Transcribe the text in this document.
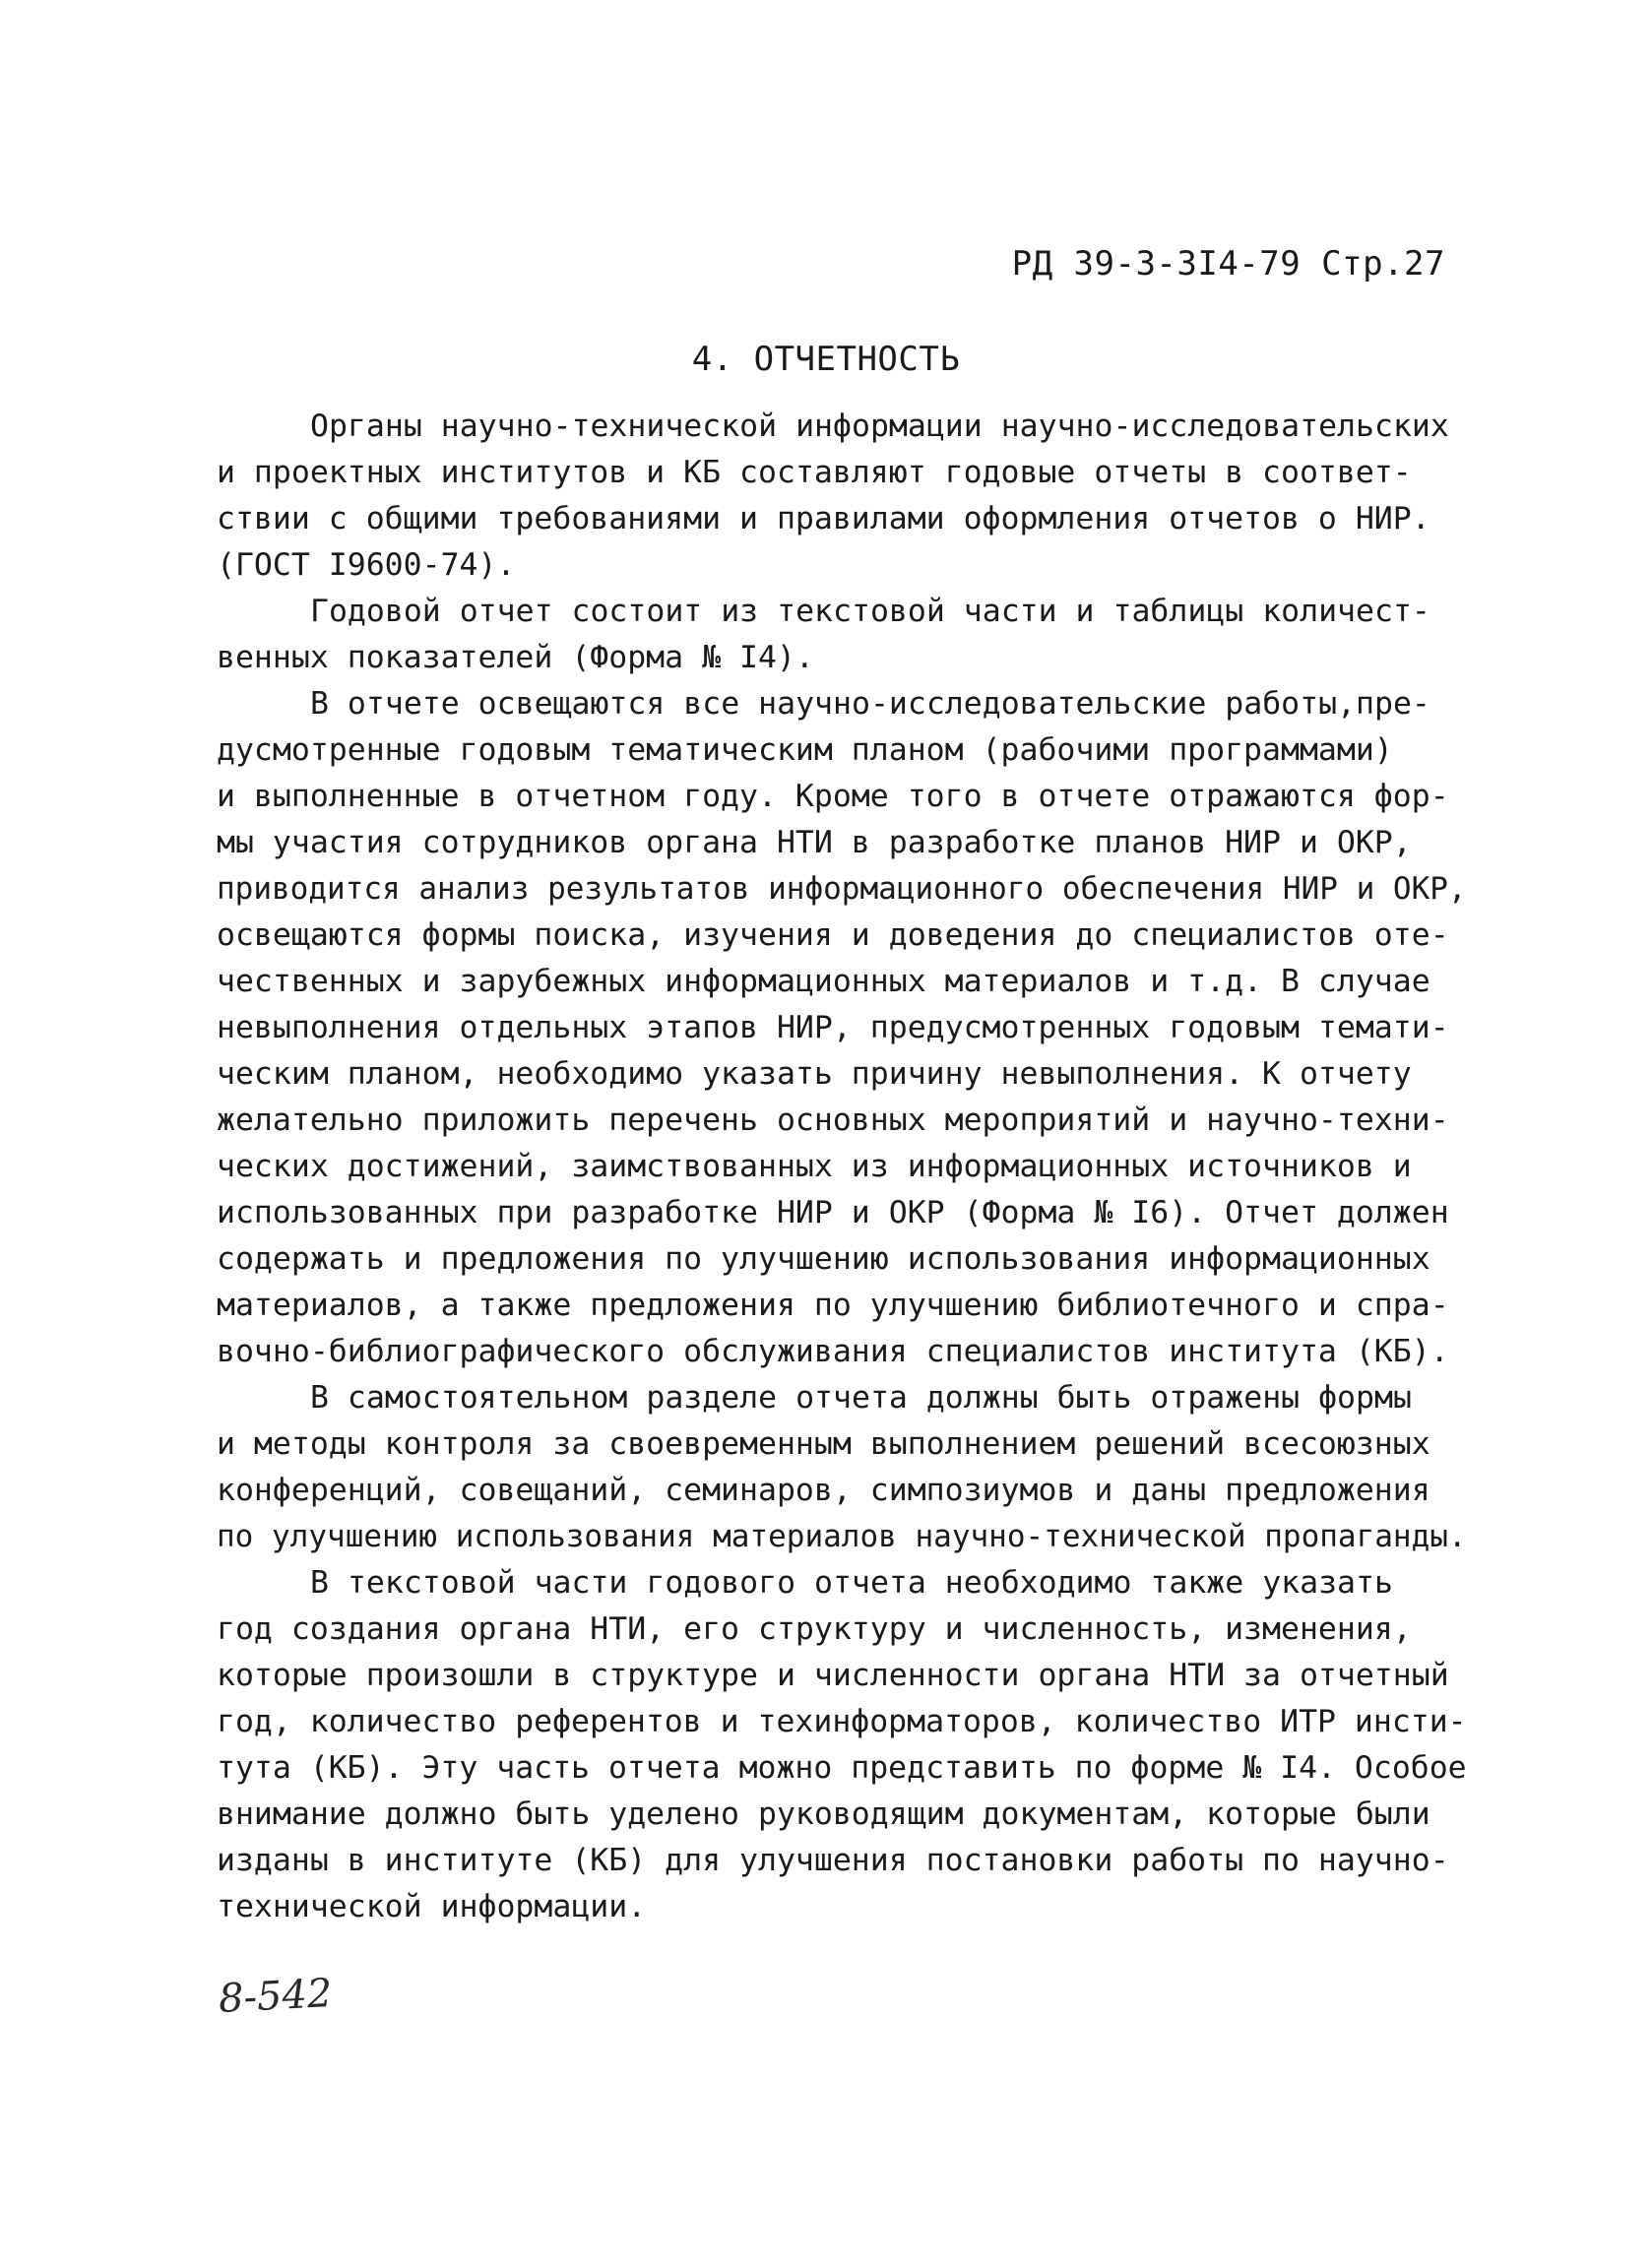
РД 39-3-3I4-79 Стр.27
4. ОТЧЕТНОСТЬ
Органы научно-технической информации научно-исследовательских
и проектных институтов и КБ составляют годовые отчеты в соответ-
ствии с общими требованиями и правилами оформления отчетов о НИР.
(ГОСТ I9600-74).
Годовой отчет состоит из текстовой части и таблицы количест-
венных показателей (Форма № I4).
В отчете освещаются все научно-исследовательские работы,пре-
дусмотренные годовым тематическим планом (рабочими программами)
и выполненные в отчетном году. Кроме того в отчете отражаются фор-
мы участия сотрудников органа НТИ в разработке планов НИР и ОКР,
приводится анализ результатов информационного обеспечения НИР и ОКР,
освещаются формы поиска, изучения и доведения до специалистов оте-
чественных и зарубежных информационных материалов и т.д. В случае
невыполнения отдельных этапов НИР, предусмотренных годовым темати-
ческим планом, необходимо указать причину невыполнения. К отчету
желательно приложить перечень основных мероприятий и научно-техни-
ческих достижений, заимствованных из информационных источников и
использованных при разработке НИР и ОКР (Форма № I6). Отчет должен
содержать и предложения по улучшению использования информационных
материалов, а также предложения по улучшению библиотечного и спра-
вочно-библиографического обслуживания специалистов института (КБ).
В самостоятельном разделе отчета должны быть отражены формы
и методы контроля за своевременным выполнением решений всесоюзных
конференций, совещаний, семинаров, симпозиумов и даны предложения
по улучшению использования материалов научно-технической пропаганды.
В текстовой части годового отчета необходимо также указать
год создания органа НТИ, его структуру и численность, изменения,
которые произошли в структуре и численности органа НТИ за отчетный
год, количество референтов и техинформаторов, количество ИТР инсти-
тута (КБ). Эту часть отчета можно представить по форме № I4. Особое
внимание должно быть уделено руководящим документам, которые были
изданы в институте (КБ) для улучшения постановки работы по научно-
технической информации.
8-542
